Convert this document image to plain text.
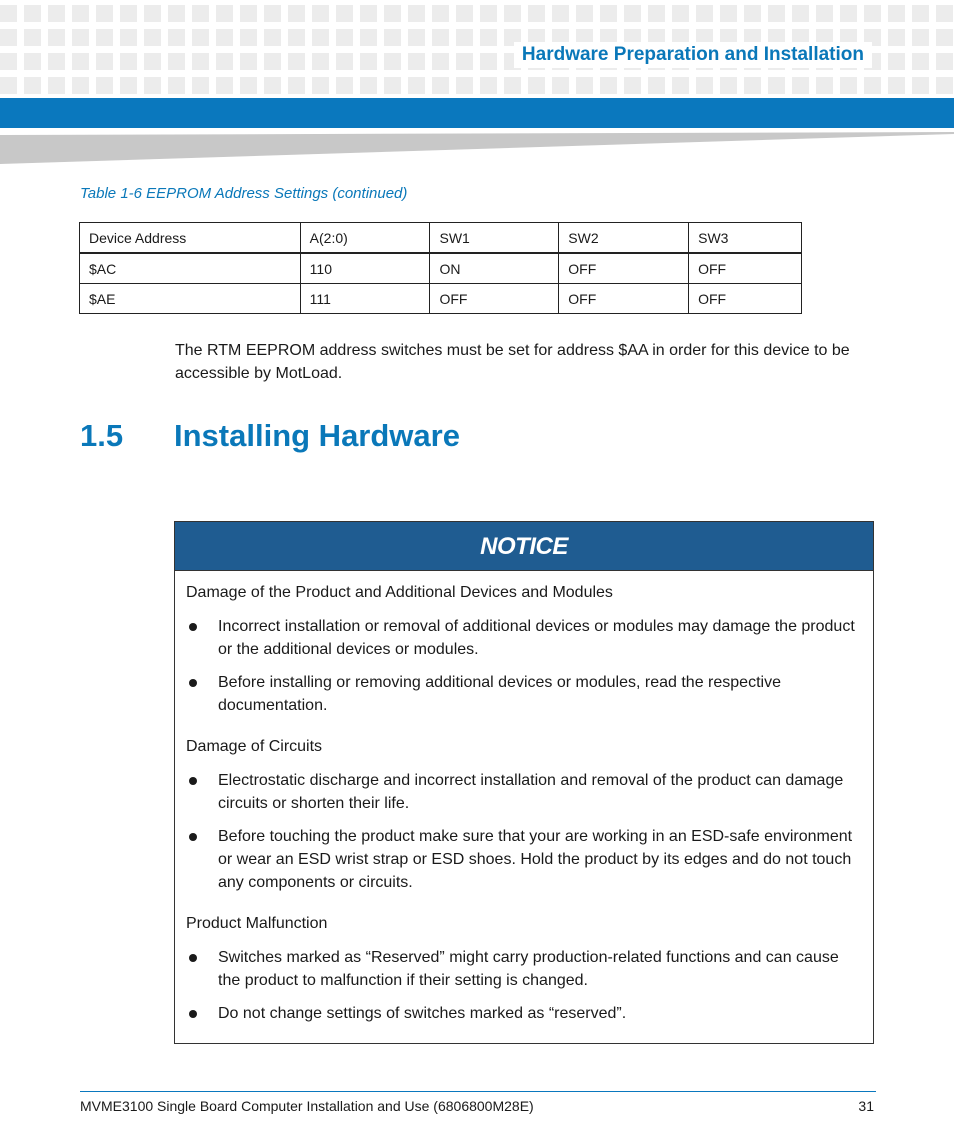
Hardware Preparation and Installation
Table 1-6 EEPROM Address Settings (continued)
Device Address	A(2:0)	SW1	SW2	SW3
$AC	110	ON	OFF	OFF
$AE	111	OFF	OFF	OFF
The RTM EEPROM address switches must be set for address $AA in order for this device to be accessible by MotLoad.
1.5 Installing Hardware
NOTICE

Damage of the Product and Additional Devices and Modules

Incorrect installation or removal of additional devices or modules may damage the product or the additional devices or modules.
Before installing or removing additional devices or modules, read the respective documentation.

Damage of Circuits

Electrostatic discharge and incorrect installation and removal of the product can damage circuits or shorten their life.
Before touching the product make sure that your are working in an ESD-safe environment or wear an ESD wrist strap or ESD shoes. Hold the product by its edges and do not touch any components or circuits.

Product Malfunction

Switches marked as “Reserved” might carry production-related functions and can cause the product to malfunction if their setting is changed.
Do not change settings of switches marked as “reserved”.
MVME3100 Single Board Computer Installation and Use (6806800M28E)	31
